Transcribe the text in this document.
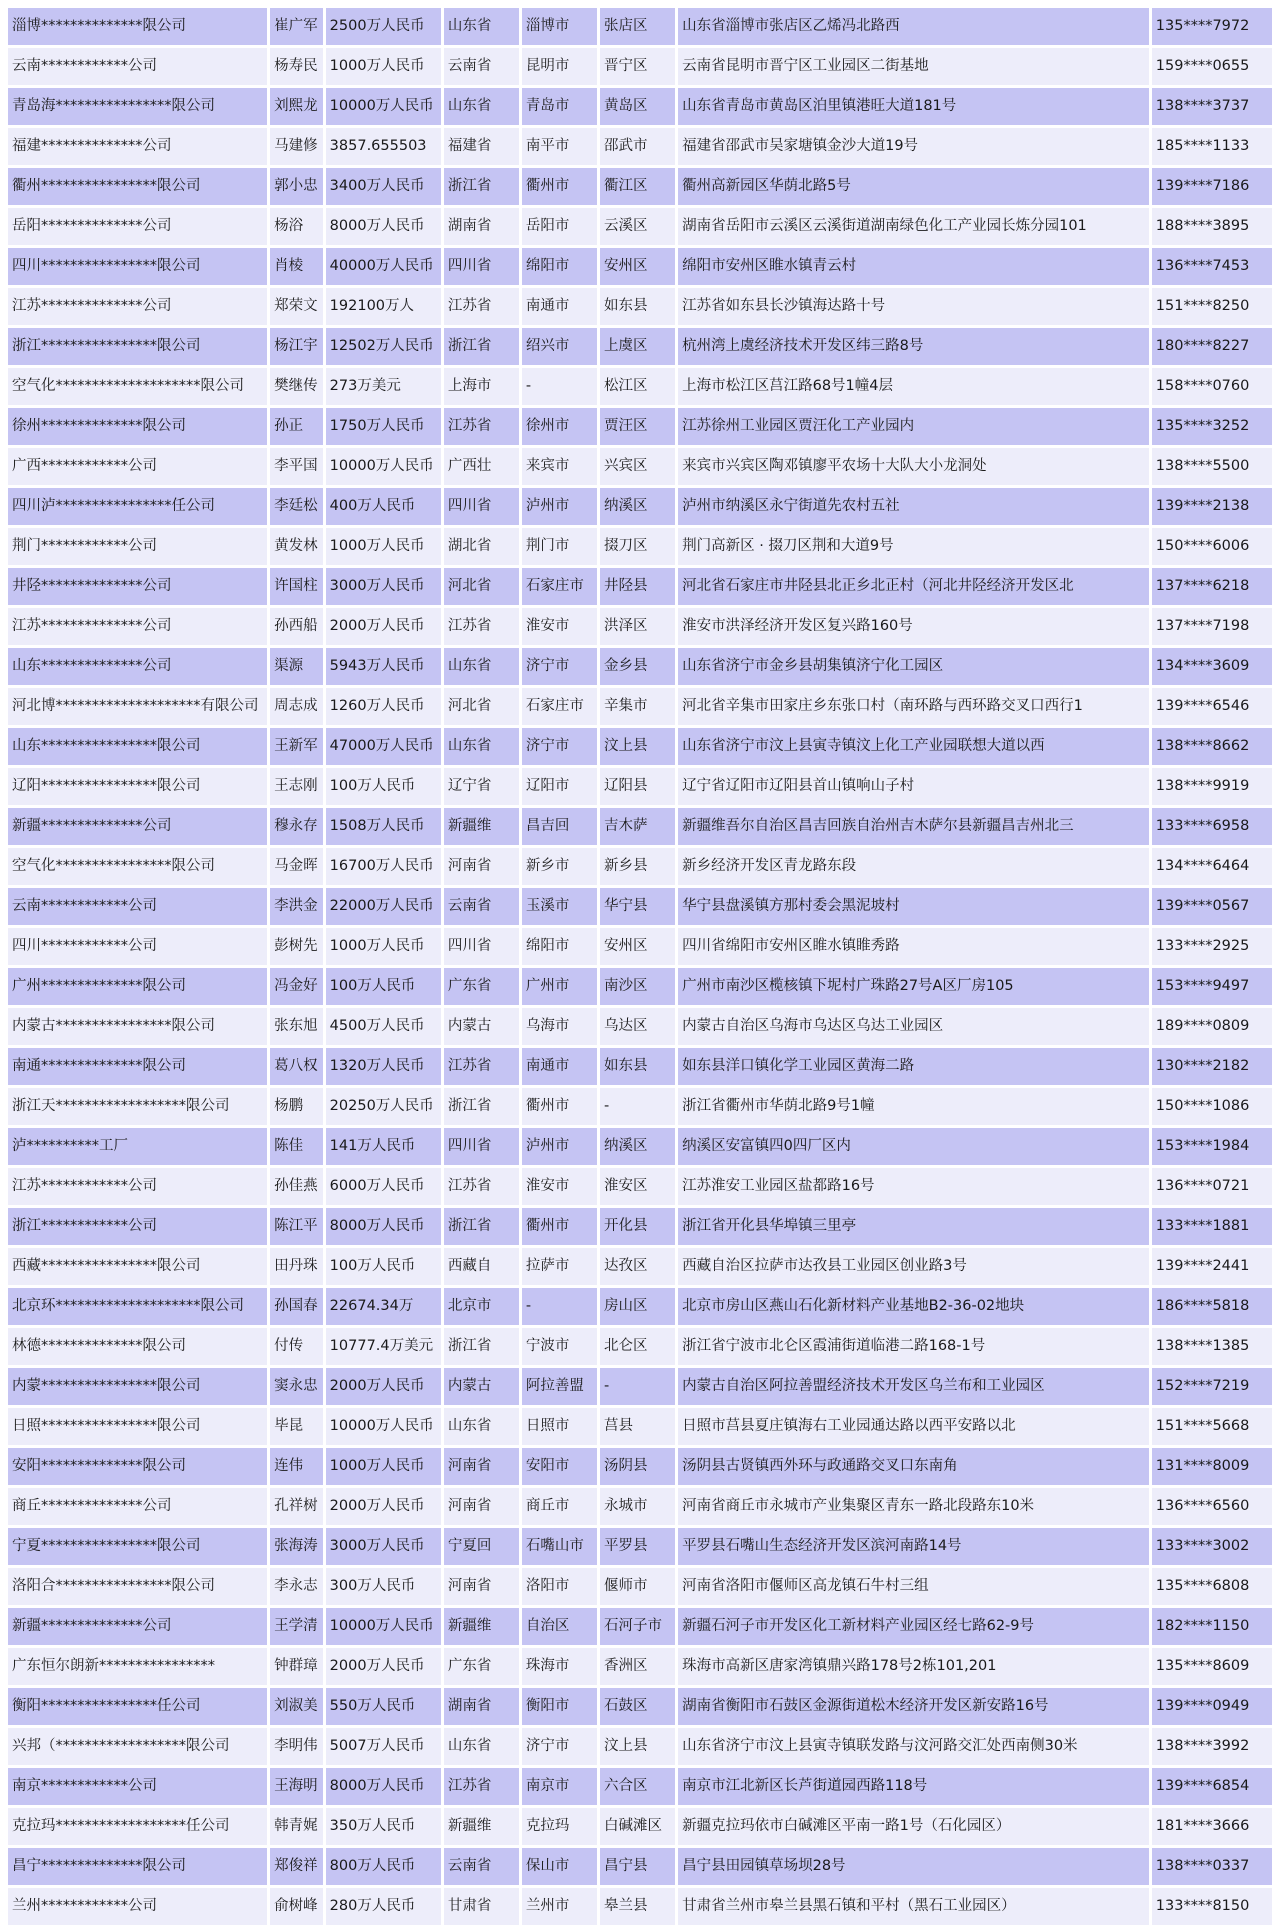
淄博**************限公司	崔广军	2500万人民币	山东省	淄博市	张店区	山东省淄博市张店区乙烯冯北路西	135****7972
云南************公司	杨寿民	1000万人民币	云南省	昆明市	晋宁区	云南省昆明市晋宁区工业园区二街基地	159****0655
青岛海****************限公司	刘熙龙	10000万人民币	山东省	青岛市	黄岛区	山东省青岛市黄岛区泊里镇港旺大道181号	138****3737
福建**************公司	马建修	3857.655503	福建省	南平市	邵武市	福建省邵武市吴家塘镇金沙大道19号	185****1133
衢州****************限公司	郭小忠	3400万人民币	浙江省	衢州市	衢江区	衢州高新园区华荫北路5号	139****7186
岳阳**************公司	杨浴	8000万人民币	湖南省	岳阳市	云溪区	湖南省岳阳市云溪区云溪街道湖南绿色化工产业园长炼分园101	188****3895
四川****************限公司	肖棱	40000万人民币	四川省	绵阳市	安州区	绵阳市安州区睢水镇青云村	136****7453
江苏**************公司	郑荣文	192100万人	江苏省	南通市	如东县	江苏省如东县长沙镇海达路十号	151****8250
浙江****************限公司	杨江宇	12502万人民币	浙江省	绍兴市	上虞区	杭州湾上虞经济技术开发区纬三路8号	180****8227
空气化********************限公司	樊继传	273万美元	上海市	-	松江区	上海市松江区莒江路68号1幢4层	158****0760
徐州**************限公司	孙正	1750万人民币	江苏省	徐州市	贾汪区	江苏徐州工业园区贾汪化工产业园内	135****3252
广西************公司	李平国	10000万人民币	广西壮	来宾市	兴宾区	来宾市兴宾区陶邓镇廖平农场十大队大小龙洞处	138****5500
四川泸****************任公司	李廷松	400万人民币	四川省	泸州市	纳溪区	泸州市纳溪区永宁街道先农村五社	139****2138
荆门************公司	黄发林	1000万人民币	湖北省	荆门市	掇刀区	荆门高新区 · 掇刀区荆和大道9号	150****6006
井陉**************公司	许国柱	3000万人民币	河北省	石家庄市	井陉县	河北省石家庄市井陉县北正乡北正村（河北井陉经济开发区北	137****6218
江苏**************公司	孙西船	2000万人民币	江苏省	淮安市	洪泽区	淮安市洪泽经济开发区复兴路160号	137****7198
山东**************公司	渠源	5943万人民币	山东省	济宁市	金乡县	山东省济宁市金乡县胡集镇济宁化工园区	134****3609
河北博********************有限公司	周志成	1260万人民币	河北省	石家庄市	辛集市	河北省辛集市田家庄乡东张口村（南环路与西环路交叉口西行1	139****6546
山东****************限公司	王新军	47000万人民币	山东省	济宁市	汶上县	山东省济宁市汶上县寅寺镇汶上化工产业园联想大道以西	138****8662
辽阳****************限公司	王志刚	100万人民币	辽宁省	辽阳市	辽阳县	辽宁省辽阳市辽阳县首山镇响山子村	138****9919
新疆**************公司	穆永存	1508万人民币	新疆维	昌吉回	吉木萨	新疆维吾尔自治区昌吉回族自治州吉木萨尔县新疆昌吉州北三	133****6958
空气化****************限公司	马金晖	16700万人民币	河南省	新乡市	新乡县	新乡经济开发区青龙路东段	134****6464
云南************公司	李洪金	22000万人民币	云南省	玉溪市	华宁县	华宁县盘溪镇方那村委会黑泥坡村	139****0567
四川************公司	彭树先	1000万人民币	四川省	绵阳市	安州区	四川省绵阳市安州区睢水镇睢秀路	133****2925
广州**************限公司	冯金好	100万人民币	广东省	广州市	南沙区	广州市南沙区榄核镇下坭村广珠路27号A区厂房105	153****9497
内蒙古****************限公司	张东旭	4500万人民币	内蒙古	乌海市	乌达区	内蒙古自治区乌海市乌达区乌达工业园区	189****0809
南通**************限公司	葛八权	1320万人民币	江苏省	南通市	如东县	如东县洋口镇化学工业园区黄海二路	130****2182
浙江天******************限公司	杨鹏	20250万人民币	浙江省	衢州市	-	浙江省衢州市华荫北路9号1幢	150****1086
泸**********工厂	陈佳	141万人民币	四川省	泸州市	纳溪区	纳溪区安富镇四0四厂区内	153****1984
江苏************公司	孙佳燕	6000万人民币	江苏省	淮安市	淮安区	江苏淮安工业园区盐都路16号	136****0721
浙江************公司	陈江平	8000万人民币	浙江省	衢州市	开化县	浙江省开化县华埠镇三里亭	133****1881
西藏****************限公司	田丹珠	100万人民币	西藏自	拉萨市	达孜区	西藏自治区拉萨市达孜县工业园区创业路3号	139****2441
北京环********************限公司	孙国春	22674.34万	北京市	-	房山区	北京市房山区燕山石化新材料产业基地B2-36-02地块	186****5818
林德**************限公司	付传	10777.4万美元	浙江省	宁波市	北仑区	浙江省宁波市北仑区霞浦街道临港二路168-1号	138****1385
内蒙****************限公司	窦永忠	2000万人民币	内蒙古	阿拉善盟	-	内蒙古自治区阿拉善盟经济技术开发区乌兰布和工业园区	152****7219
日照****************限公司	毕昆	10000万人民币	山东省	日照市	莒县	日照市莒县夏庄镇海右工业园通达路以西平安路以北	151****5668
安阳**************限公司	连伟	1000万人民币	河南省	安阳市	汤阴县	汤阴县古贤镇西外环与政通路交叉口东南角	131****8009
商丘**************公司	孔祥树	2000万人民币	河南省	商丘市	永城市	河南省商丘市永城市产业集聚区青东一路北段路东10米	136****6560
宁夏****************限公司	张海涛	3000万人民币	宁夏回	石嘴山市	平罗县	平罗县石嘴山生态经济开发区滨河南路14号	133****3002
洛阳合****************限公司	李永志	300万人民币	河南省	洛阳市	偃师市	河南省洛阳市偃师区高龙镇石牛村三组	135****6808
新疆**************公司	王学清	10000万人民币	新疆维	自治区	石河子市	新疆石河子市开发区化工新材料产业园区经七路62-9号	182****1150
广东恒尔朗新****************	钟群璋	2000万人民币	广东省	珠海市	香洲区	珠海市高新区唐家湾镇鼎兴路178号2栋101,201	135****8609
衡阳****************任公司	刘淑美	550万人民币	湖南省	衡阳市	石鼓区	湖南省衡阳市石鼓区金源街道松木经济开发区新安路16号	139****0949
兴邦（******************限公司	李明伟	5007万人民币	山东省	济宁市	汶上县	山东省济宁市汶上县寅寺镇联发路与汶河路交汇处西南侧30米	138****3992
南京************公司	王海明	8000万人民币	江苏省	南京市	六合区	南京市江北新区长芦街道园西路118号	139****6854
克拉玛******************任公司	韩青娓	350万人民币	新疆维	克拉玛	白碱滩区	新疆克拉玛依市白碱滩区平南一路1号（石化园区）	181****3666
昌宁**************限公司	郑俊祥	800万人民币	云南省	保山市	昌宁县	昌宁县田园镇草场坝28号	138****0337
兰州************公司	俞树峰	280万人民币	甘肃省	兰州市	皋兰县	甘肃省兰州市皋兰县黑石镇和平村（黑石工业园区）	133****8150
